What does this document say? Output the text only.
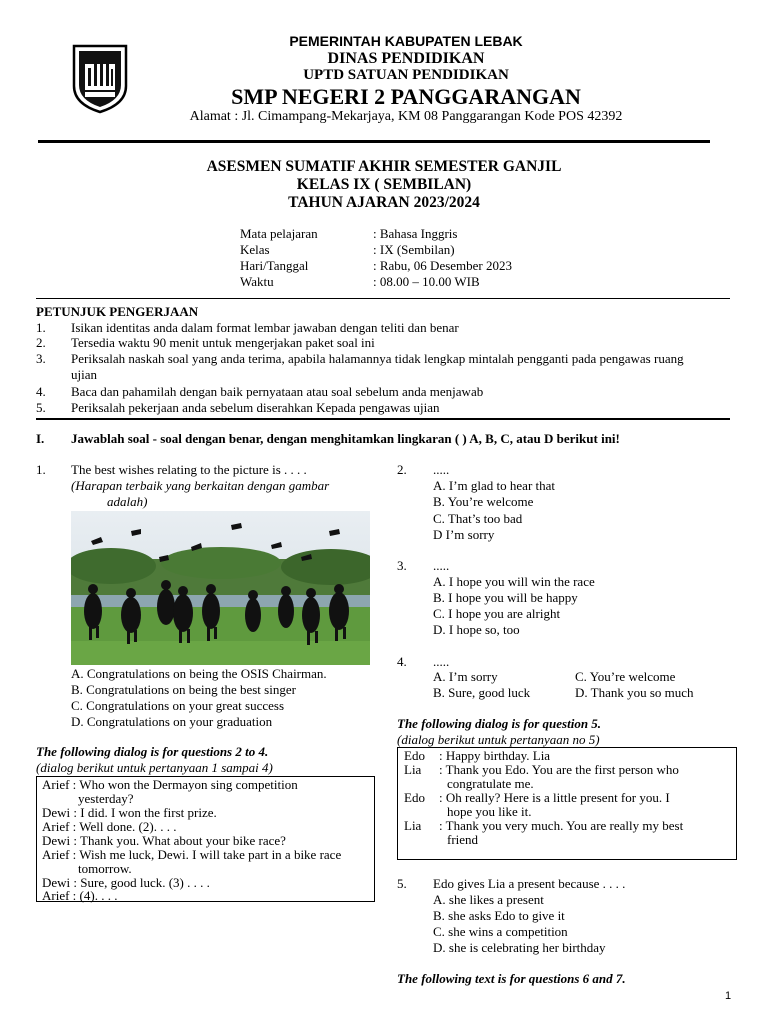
PEMERINTAH KABUPATEN LEBAK
DINAS PENDIDIKAN
UPTD SATUAN PENDIDIKAN
SMP NEGERI 2 PANGGARANGAN
Alamat : Jl. Cimampang-Mekarjaya, KM 08 Panggarangan Kode POS 42392
ASESMEN SUMATIF AKHIR SEMESTER GANJIL
KELAS IX ( SEMBILAN)
TAHUN AJARAN 2023/2024
Mata pelajaran	: Bahasa Inggris
Kelas	: IX (Sembilan)
Hari/Tanggal	: Rabu, 06 Desember 2023
Waktu	: 08.00 – 10.00 WIB
PETUNJUK PENGERJAAN
1. Isikan identitas anda dalam format lembar jawaban dengan teliti dan benar
2. Tersedia waktu 90 menit untuk mengerjakan paket soal ini
3. Periksalah naskah soal yang anda terima, apabila halamannya tidak lengkap mintalah pengganti pada pengawas ruang
ujian
4. Baca dan pahamilah dengan baik pernyataan atau soal sebelum anda menjawab
5. Periksalah pekerjaan anda sebelum diserahkan Kepada pengawas ujian
I. Jawablah soal - soal dengan benar, dengan menghitamkan lingkaran ( ) A, B, C, atau D berikut ini!
1. The best wishes relating to the picture is . . . .
(Harapan terbaik yang berkaitan dengan gambar
adalah)
A. Congratulations on being the OSIS Chairman.
B. Congratulations on being the best singer
C. Congratulations on your great success
D. Congratulations on your graduation
The following dialog is for questions 2 to 4.
(dialog berikut untuk pertanyaan 1 sampai 4)
Arief : Who won the Dermayon sing competition
yesterday?
Dewi : I did. I won the first prize.
Arief : Well done. (2). . . .
Dewi : Thank you. What about your bike race?
Arief : Wish me luck, Dewi. I will take part in a bike race
tomorrow.
Dewi : Sure, good luck. (3) . . . .
Arief : (4). . . .
2. .....
A. I’m glad to hear that
B. You’re welcome
C. That’s too bad
D I’m sorry
3. .....
A. I hope you will win the race
B. I hope you will be happy
C. I hope you are alright
D. I hope so, too
4. .....
A. I’m sorry	C. You’re welcome
B. Sure, good luck	D. Thank you so much
The following dialog is for question 5.
(dialog berikut untuk pertanyaan no 5)
Edo : Happy birthday. Lia
Lia : Thank you Edo. You are the first person who
congratulate me.
Edo : Oh really? Here is a little present for you. I
hope you like it.
Lia : Thank you very much. You are really my best
friend
5. Edo gives Lia a present because . . . .
A. she likes a present
B. she asks Edo to give it
C. she wins a competition
D. she is celebrating her birthday
The following text is for questions 6 and 7.
1
